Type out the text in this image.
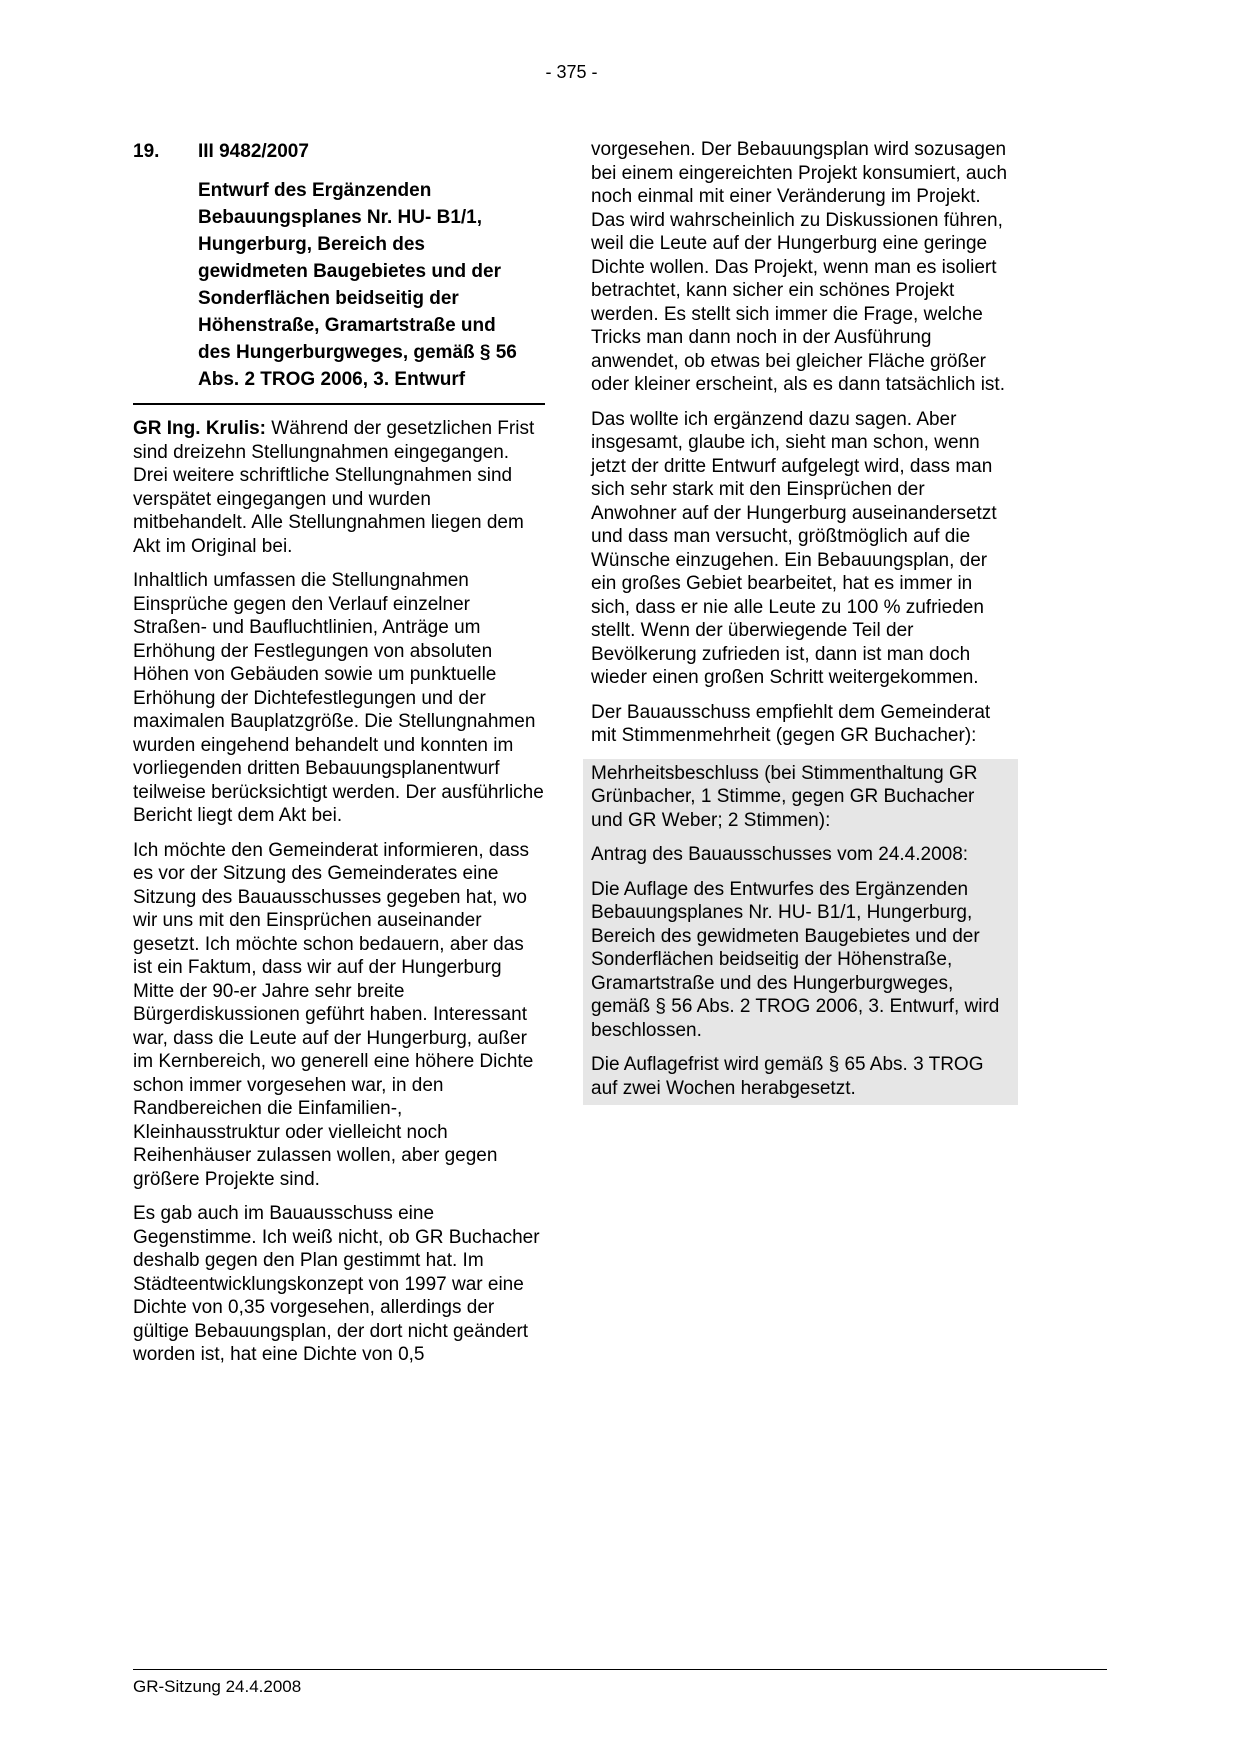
- 375 -
19.	III 9482/2007
Entwurf des Ergänzenden Bebauungsplanes Nr. HU- B1/1, Hungerburg, Bereich des gewidmeten Baugebietes und der Sonderflächen beidseitig der Höhenstraße, Gramartstraße und des Hungerburgweges, gemäß § 56 Abs. 2 TROG 2006, 3. Entwurf

GR Ing. Krulis: Während der gesetzlichen Frist sind dreizehn Stellungnahmen eingegangen. Drei weitere schriftliche Stellungnahmen sind verspätet eingegangen und wurden mitbehandelt. Alle Stellungnahmen liegen dem Akt im Original bei.

Inhaltlich umfassen die Stellungnahmen Einsprüche gegen den Verlauf einzelner Straßen- und Baufluchtlinien, Anträge um Erhöhung der Festlegungen von absoluten Höhen von Gebäuden sowie um punktuelle Erhöhung der Dichtefestlegungen und der maximalen Bauplatzgröße. Die Stellungnahmen wurden eingehend behandelt und konnten im vorliegenden dritten Bebauungsplanentwurf teilweise berücksichtigt werden. Der ausführliche Bericht liegt dem Akt bei.

Ich möchte den Gemeinderat informieren, dass es vor der Sitzung des Gemeinderates eine Sitzung des Bauausschusses gegeben hat, wo wir uns mit den Einsprüchen auseinander gesetzt. Ich möchte schon bedauern, aber das ist ein Faktum, dass wir auf der Hungerburg Mitte der 90-er Jahre sehr breite Bürgerdiskussionen geführt haben. Interessant war, dass die Leute auf der Hungerburg, außer im Kernbereich, wo generell eine höhere Dichte schon immer vorgesehen war, in den Randbereichen die Einfamilien-, Kleinhausstruktur oder vielleicht noch Reihenhäuser zulassen wollen, aber gegen größere Projekte sind.

Es gab auch im Bauausschuss eine Gegenstimme. Ich weiß nicht, ob GR Buchacher deshalb gegen den Plan gestimmt hat. Im Städteentwicklungskonzept von 1997 war eine Dichte von 0,35 vorgesehen, allerdings der gültige Bebauungsplan, der dort nicht geändert worden ist, hat eine Dichte von 0,5

vorgesehen. Der Bebauungsplan wird sozusagen bei einem eingereichten Projekt konsumiert, auch noch einmal mit einer Veränderung im Projekt. Das wird wahrscheinlich zu Diskussionen führen, weil die Leute auf der Hungerburg eine geringe Dichte wollen. Das Projekt, wenn man es isoliert betrachtet, kann sicher ein schönes Projekt werden. Es stellt sich immer die Frage, welche Tricks man dann noch in der Ausführung anwendet, ob etwas bei gleicher Fläche größer oder kleiner erscheint, als es dann tatsächlich ist.

Das wollte ich ergänzend dazu sagen. Aber insgesamt, glaube ich, sieht man schon, wenn jetzt der dritte Entwurf aufgelegt wird, dass man sich sehr stark mit den Einsprüchen der Anwohner auf der Hungerburg auseinandersetzt und dass man versucht, größtmöglich auf die Wünsche einzugehen. Ein Bebauungsplan, der ein großes Gebiet bearbeitet, hat es immer in sich, dass er nie alle Leute zu 100 % zufrieden stellt. Wenn der überwiegende Teil der Bevölkerung zufrieden ist, dann ist man doch wieder einen großen Schritt weitergekommen.

Der Bauausschuss empfiehlt dem Gemeinderat mit Stimmenmehrheit (gegen GR Buchacher):

Mehrheitsbeschluss (bei Stimmenthaltung GR Grünbacher, 1 Stimme, gegen GR Buchacher und GR Weber; 2 Stimmen):

Antrag des Bauausschusses vom 24.4.2008:

Die Auflage des Entwurfes des Ergänzenden Bebauungsplanes Nr. HU- B1/1, Hungerburg, Bereich des gewidmeten Baugebietes und der Sonderflächen beidseitig der Höhenstraße, Gramartstraße und des Hungerburgweges, gemäß § 56 Abs. 2 TROG 2006, 3. Entwurf, wird beschlossen.

Die Auflagefrist wird gemäß § 65 Abs. 3 TROG auf zwei Wochen herabgesetzt.

GR-Sitzung 24.4.2008
